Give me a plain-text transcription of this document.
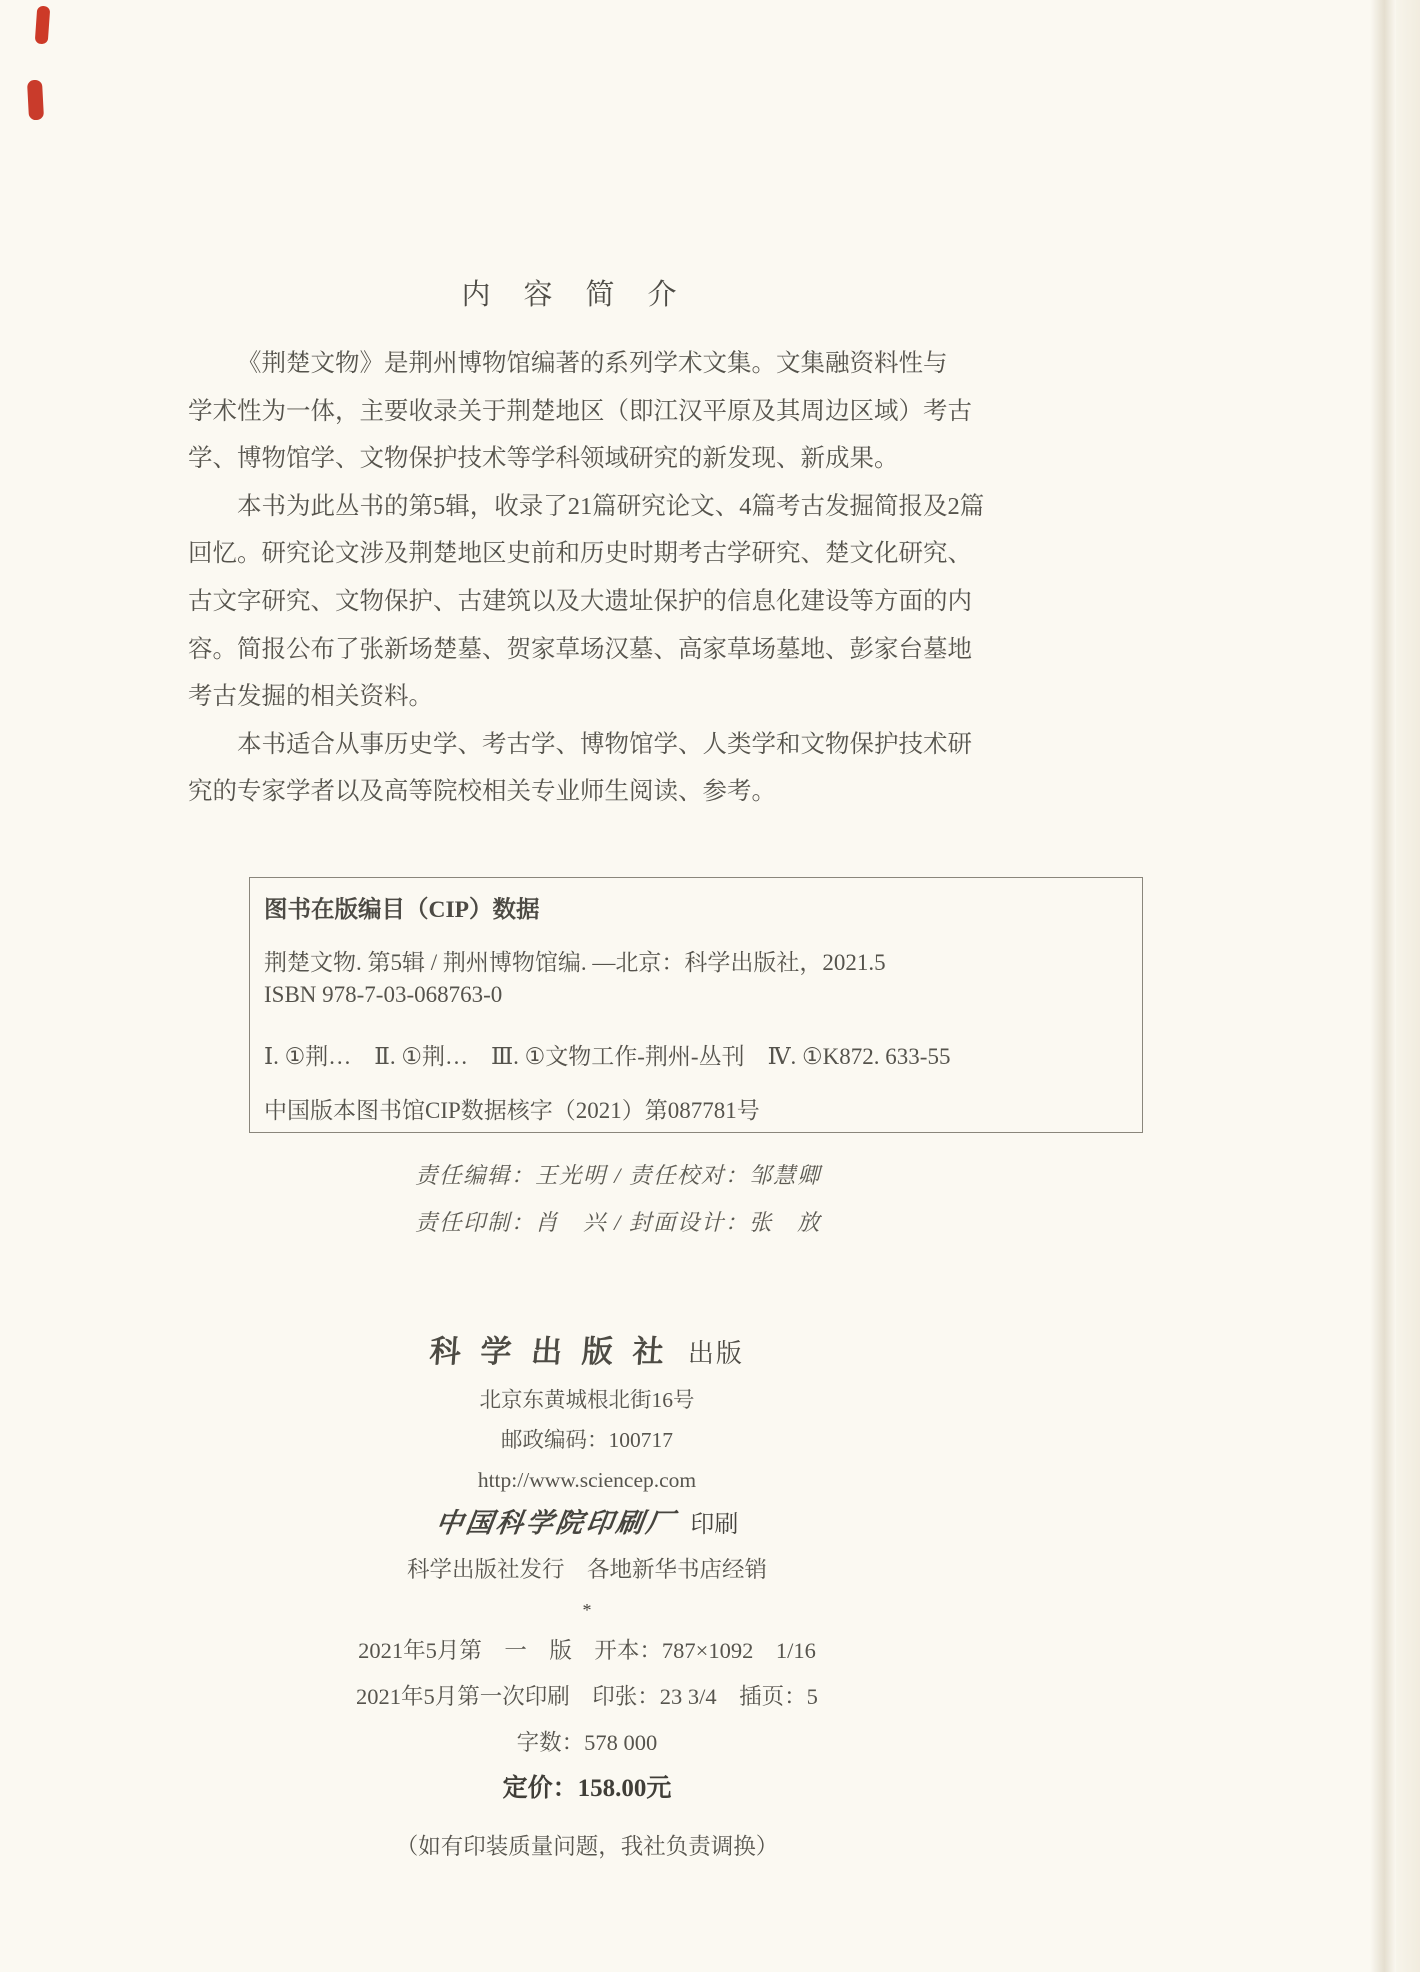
内　容　简　介
《荆楚文物》是荆州博物馆编著的系列学术文集。文集融资料性与
学术性为一体，主要收录关于荆楚地区（即江汉平原及其周边区域）考古
学、博物馆学、文物保护技术等学科领域研究的新发现、新成果。
本书为此丛书的第5辑，收录了21篇研究论文、4篇考古发掘简报及2篇
回忆。研究论文涉及荆楚地区史前和历史时期考古学研究、楚文化研究、
古文字研究、文物保护、古建筑以及大遗址保护的信息化建设等方面的内
容。简报公布了张新场楚墓、贺家草场汉墓、高家草场墓地、彭家台墓地
考古发掘的相关资料。
本书适合从事历史学、考古学、博物馆学、人类学和文物保护技术研
究的专家学者以及高等院校相关专业师生阅读、参考。
图书在版编目（CIP）数据
荆楚文物. 第5辑 / 荆州博物馆编. —北京：科学出版社，2021.5
ISBN 978-7-03-068763-0
Ⅰ. ①荆…　Ⅱ. ①荆…　Ⅲ. ①文物工作-荆州-丛刊　Ⅳ. ①K872. 633-55
中国版本图书馆CIP数据核字（2021）第087781号
责任编辑：王光明 / 责任校对：邹慧卿
责任印制：肖　兴 / 封面设计：张　放
科 学 出 版 社 出版
北京东黄城根北街16号
邮政编码：100717
http://www.sciencep.com
中国科学院印刷厂 印刷
科学出版社发行　各地新华书店经销
*
2021年5月第　一　版　开本：787×1092　1/16
2021年5月第一次印刷　印张：23 3/4　插页：5
字数：578 000
定价：158.00元
（如有印装质量问题，我社负责调换）
